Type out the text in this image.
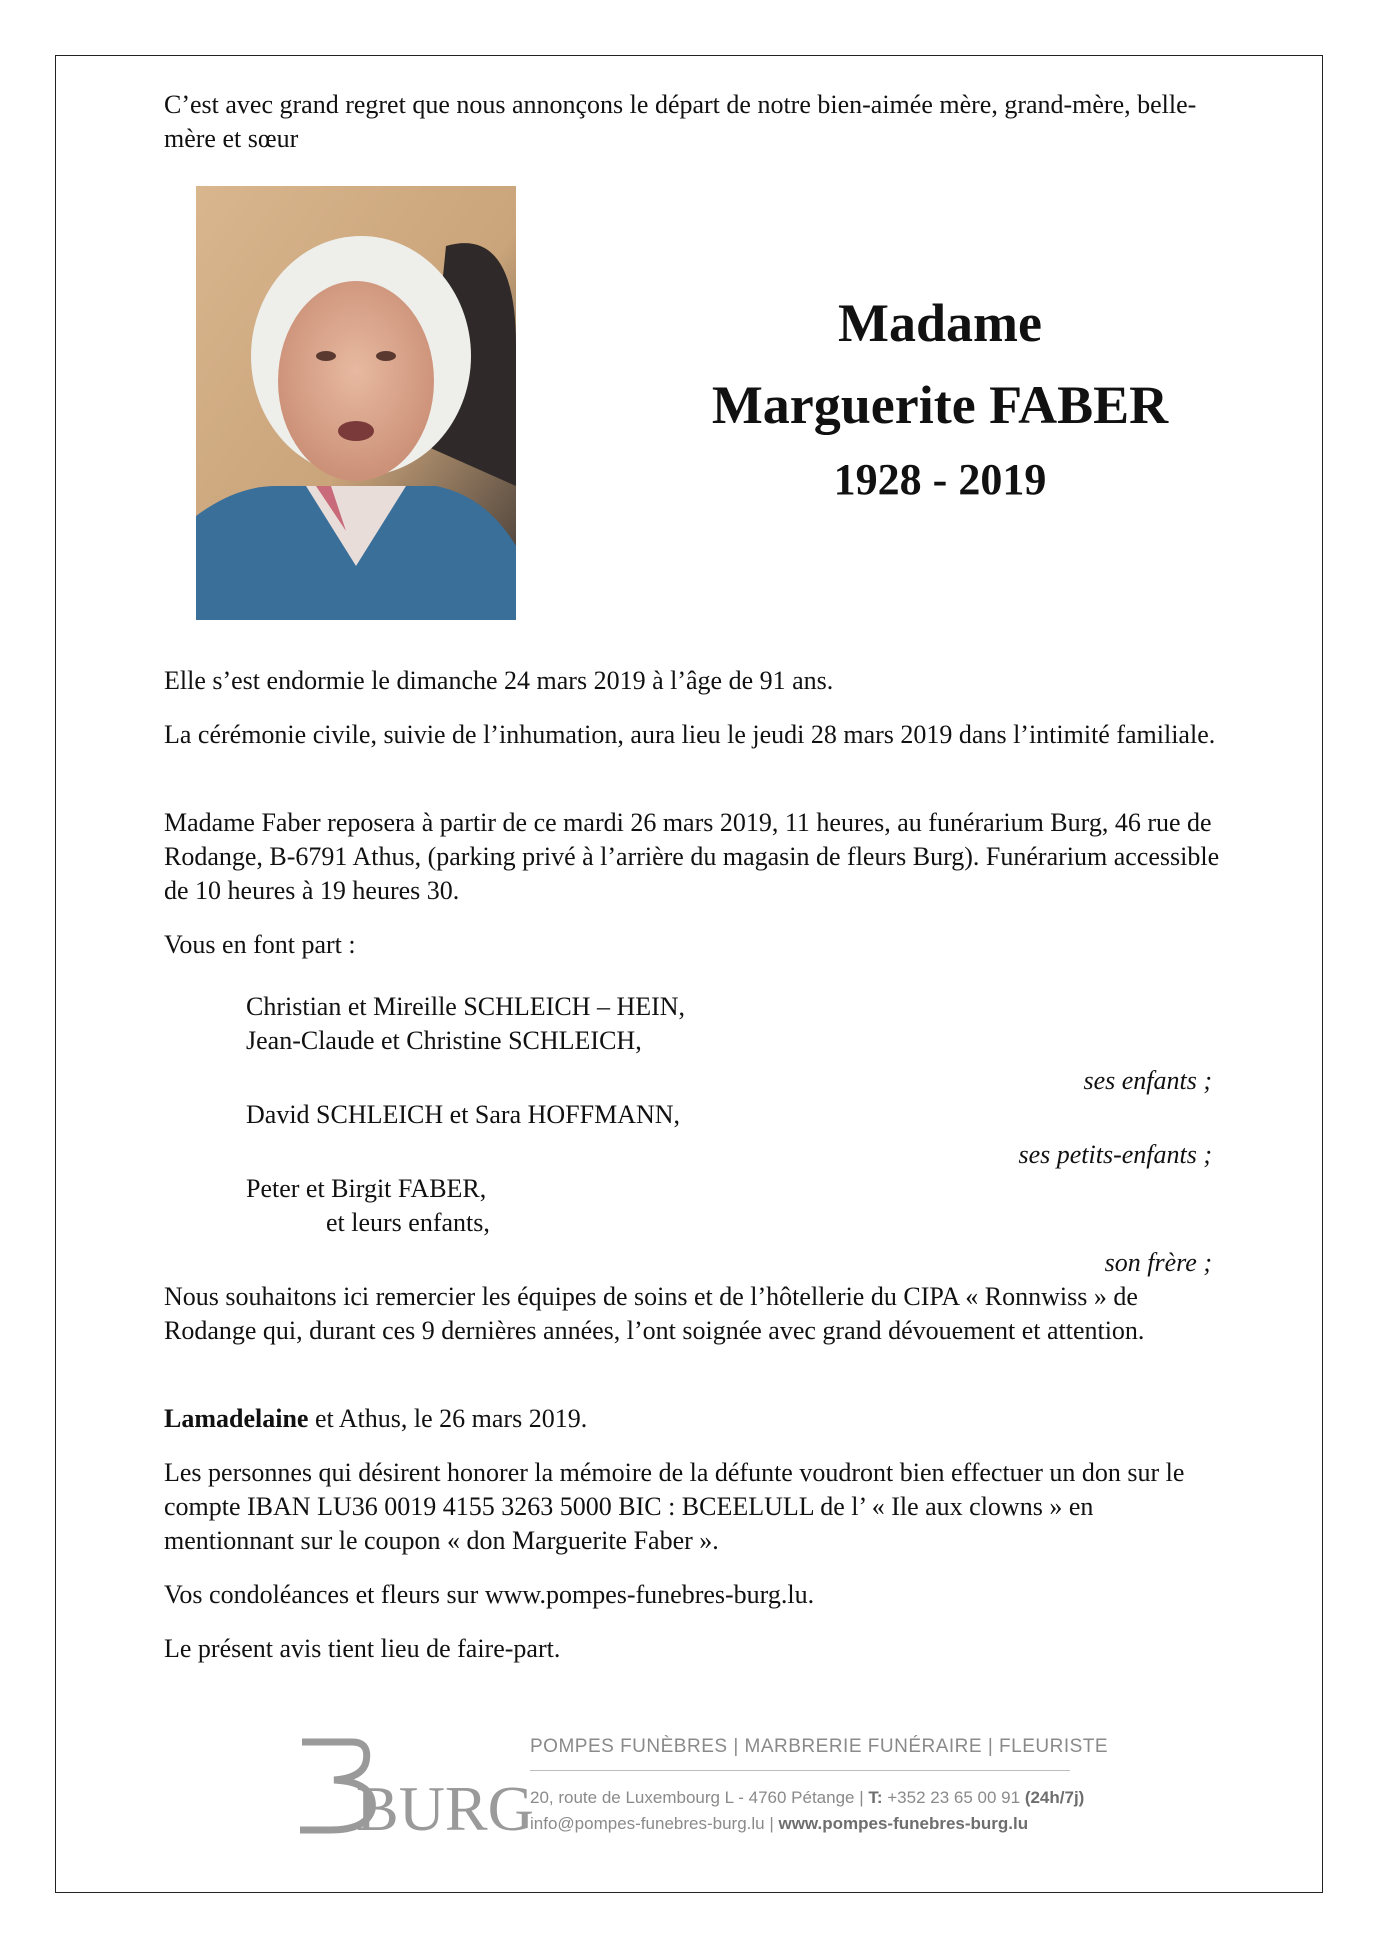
C’est avec grand regret que nous annonçons le départ de notre bien-aimée mère, grand-mère, belle-mère et sœur

Madame
Marguerite FABER
1928 - 2019

Elle s’est endormie le dimanche 24 mars 2019 à l’âge de 91 ans.

La cérémonie civile, suivie de l’inhumation, aura lieu le jeudi 28 mars 2019 dans l’intimité familiale.

Madame Faber reposera à partir de ce mardi 26 mars 2019, 11 heures, au funérarium Burg, 46 rue de Rodange, B-6791 Athus, (parking privé à l’arrière du magasin de fleurs Burg). Funérarium accessible de 10 heures à 19 heures 30.

Vous en font part :

Christian et Mireille SCHLEICH – HEIN,

Jean-Claude et Christine SCHLEICH,

ses enfants ;

David SCHLEICH et Sara HOFFMANN,

ses petits-enfants ;

Peter et Birgit FABER,

et leurs enfants,

son frère ;

Nous souhaitons ici remercier les équipes de soins et de l’hôtellerie du CIPA « Ronnwiss » de Rodange qui, durant ces 9 dernières années, l’ont soignée avec grand dévouement et attention.

Lamadelaine et Athus, le 26 mars 2019.

Les personnes qui désirent honorer la mémoire de la défunte voudront bien effectuer un don sur le compte IBAN LU36 0019 4155 3263 5000 BIC : BCEELULL de l’ « Ile aux clowns » en mentionnant sur le coupon « don Marguerite Faber ».

Vos condoléances et fleurs sur www.pompes-funebres-burg.lu.

Le présent avis tient lieu de faire-part.

BURG
POMPES FUNÈBRES | MARBRERIE FUNÉRAIRE | FLEURISTE
20, route de Luxembourg L - 4760 Pétange | T: +352 23 65 00 91 (24h/7j)
info@pompes-funebres-burg.lu | www.pompes-funebres-burg.lu
